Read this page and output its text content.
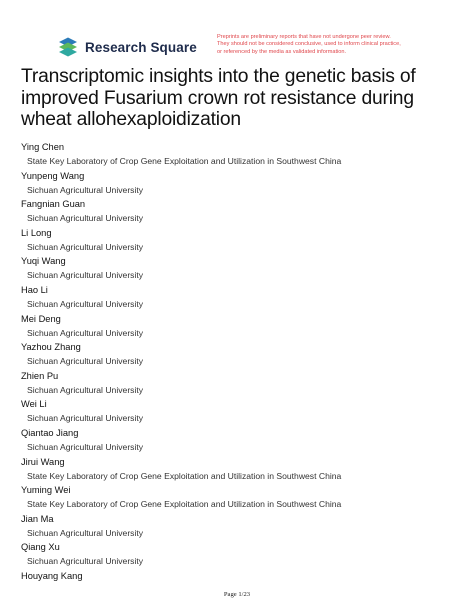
Research Square
Preprints are preliminary reports that have not undergone peer review.
They should not be considered conclusive, used to inform clinical practice,
or referenced by the media as validated information.
Transcriptomic insights into the genetic basis of
improved Fusarium crown rot resistance during
wheat allohexaploidization
Ying Chen
State Key Laboratory of Crop Gene Exploitation and Utilization in Southwest China
Yunpeng Wang
Sichuan Agricultural University
Fangnian Guan
Sichuan Agricultural University
Li Long
Sichuan Agricultural University
Yuqi Wang
Sichuan Agricultural University
Hao Li
Sichuan Agricultural University
Mei Deng
Sichuan Agricultural University
Yazhou Zhang
Sichuan Agricultural University
Zhien Pu
Sichuan Agricultural University
Wei Li
Sichuan Agricultural University
Qiantao Jiang
Sichuan Agricultural University
Jirui Wang
State Key Laboratory of Crop Gene Exploitation and Utilization in Southwest China
Yuming Wei
State Key Laboratory of Crop Gene Exploitation and Utilization in Southwest China
Jian Ma
Sichuan Agricultural University
Qiang Xu
Sichuan Agricultural University
Houyang Kang
Page 1/23
